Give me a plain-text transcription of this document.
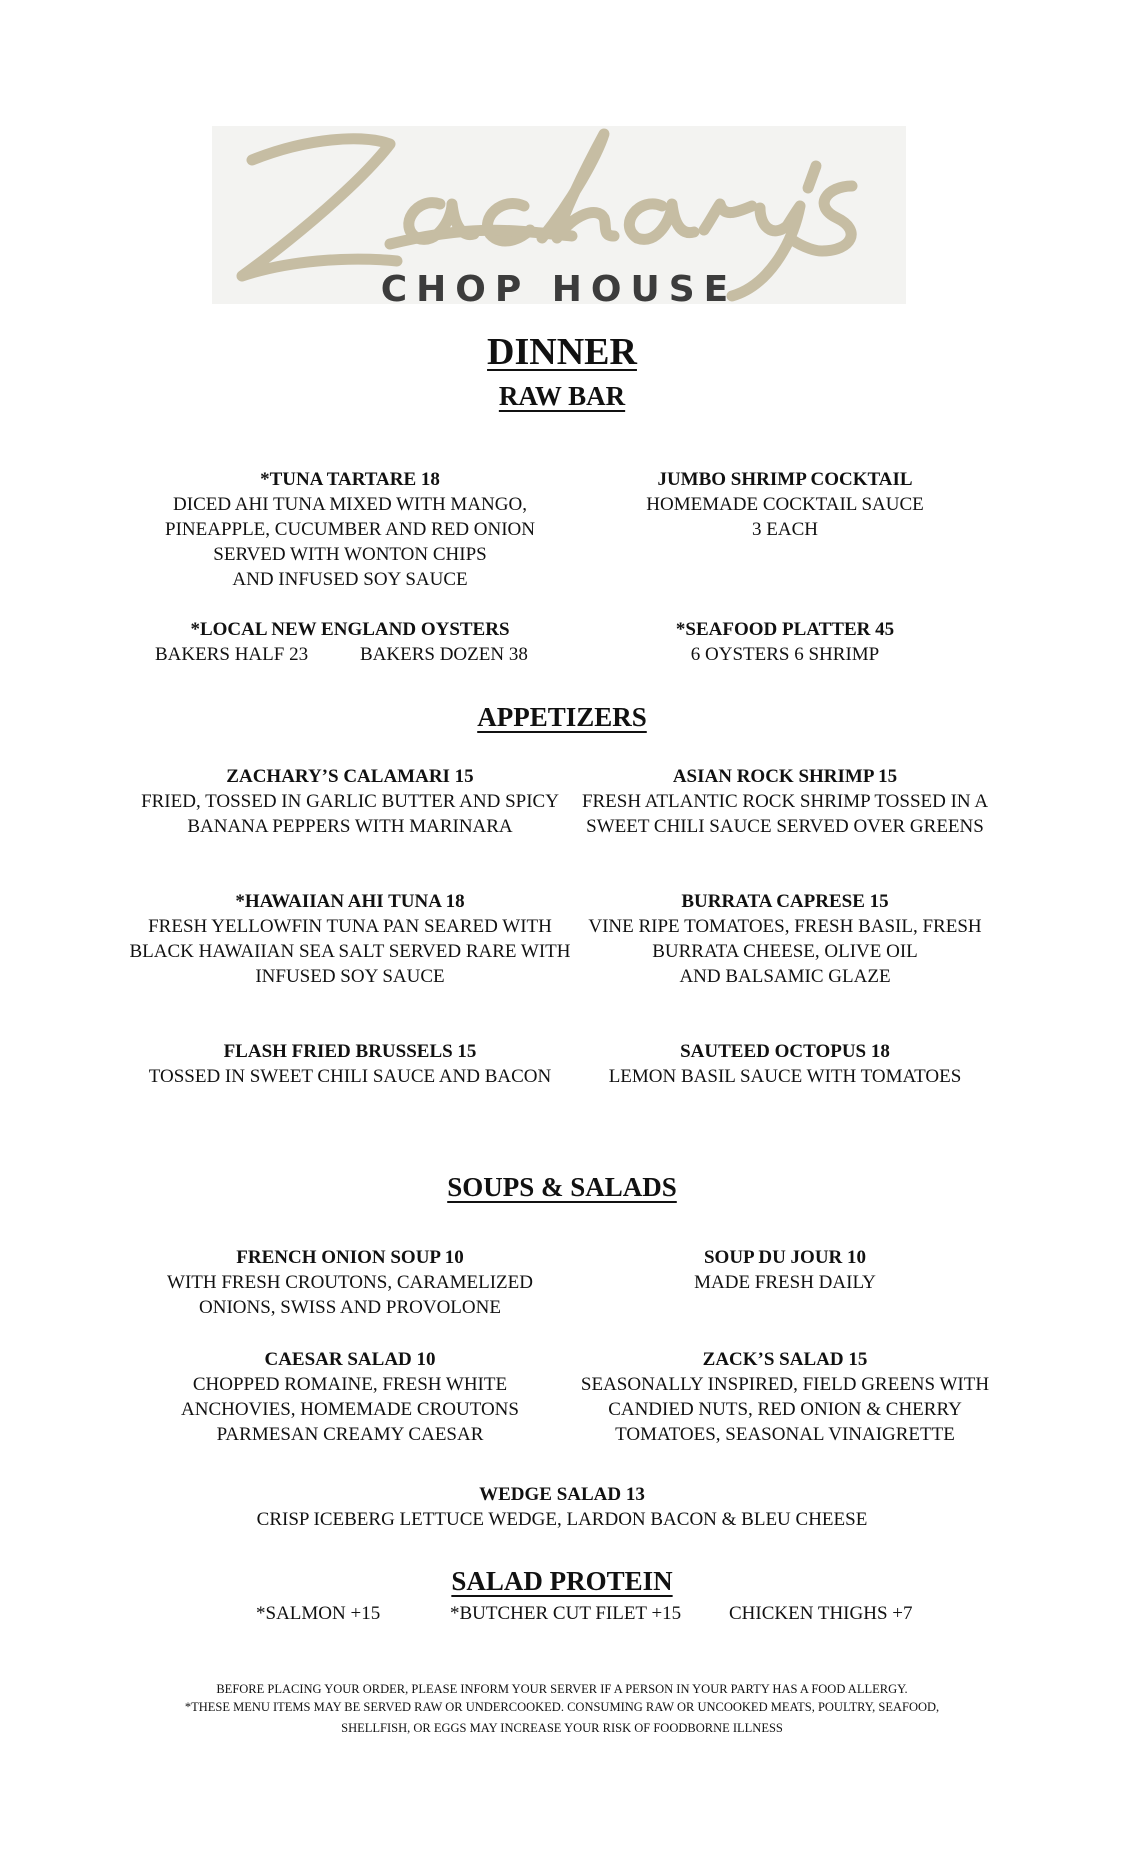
CHOP HOUSE
DINNER
RAW BAR
*TUNA TARTARE 18
DICED AHI TUNA MIXED WITH MANGO,
PINEAPPLE, CUCUMBER AND RED ONION
SERVED WITH WONTON CHIPS
AND INFUSED SOY SAUCE
JUMBO SHRIMP COCKTAIL
HOMEMADE COCKTAIL SAUCE
3 EACH
*LOCAL NEW ENGLAND OYSTERS
BAKERS HALF 23	BAKERS DOZEN 38
*SEAFOOD PLATTER 45
6 OYSTERS 6 SHRIMP
APPETIZERS
ZACHARY’S CALAMARI 15
FRIED, TOSSED IN GARLIC BUTTER AND SPICY
BANANA PEPPERS WITH MARINARA
ASIAN ROCK SHRIMP 15
FRESH ATLANTIC ROCK SHRIMP TOSSED IN A
SWEET CHILI SAUCE SERVED OVER GREENS
*HAWAIIAN AHI TUNA 18
FRESH YELLOWFIN TUNA PAN SEARED WITH
BLACK HAWAIIAN SEA SALT SERVED RARE WITH
INFUSED SOY SAUCE
BURRATA CAPRESE 15
VINE RIPE TOMATOES, FRESH BASIL, FRESH
BURRATA CHEESE, OLIVE OIL
AND BALSAMIC GLAZE
FLASH FRIED BRUSSELS 15
TOSSED IN SWEET CHILI SAUCE AND BACON
SAUTEED OCTOPUS 18
LEMON BASIL SAUCE WITH TOMATOES
SOUPS & SALADS
FRENCH ONION SOUP 10
WITH FRESH CROUTONS, CARAMELIZED
ONIONS, SWISS AND PROVOLONE
SOUP DU JOUR 10
MADE FRESH DAILY
CAESAR SALAD 10
CHOPPED ROMAINE, FRESH WHITE
ANCHOVIES, HOMEMADE CROUTONS
PARMESAN CREAMY CAESAR
ZACK’S SALAD 15
SEASONALLY INSPIRED, FIELD GREENS WITH
CANDIED NUTS, RED ONION & CHERRY
TOMATOES, SEASONAL VINAIGRETTE
WEDGE SALAD 13
CRISP ICEBERG LETTUCE WEDGE, LARDON BACON & BLEU CHEESE
SALAD PROTEIN
*SALMON +15	*BUTCHER CUT FILET +15	CHICKEN THIGHS +7
BEFORE PLACING YOUR ORDER, PLEASE INFORM YOUR SERVER IF A PERSON IN YOUR PARTY HAS A FOOD ALLERGY.
*THESE MENU ITEMS MAY BE SERVED RAW OR UNDERCOOKED. CONSUMING RAW OR UNCOOKED MEATS, POULTRY, SEAFOOD,
SHELLFISH, OR EGGS MAY INCREASE YOUR RISK OF FOODBORNE ILLNESS
